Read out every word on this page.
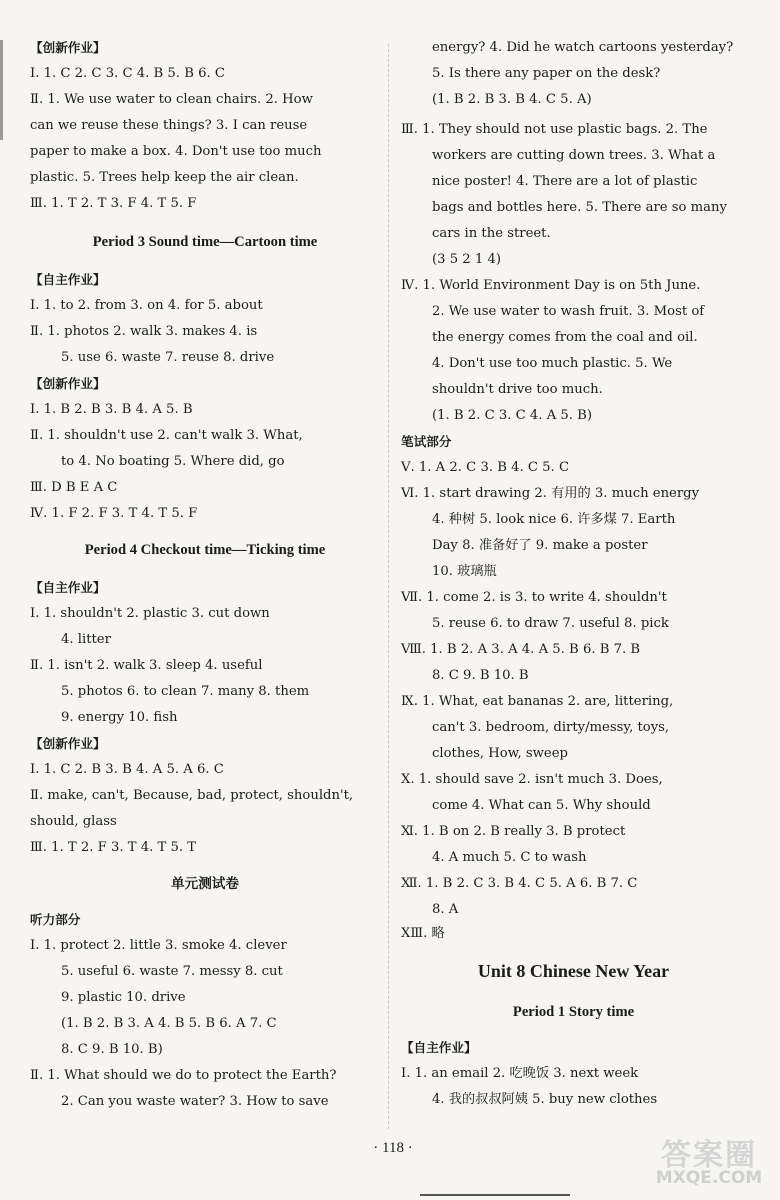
【创新作业】
Ⅰ. 1. C 2. C 3. C 4. B 5. B 6. C
Ⅱ. 1. We use water to clean chairs. 2. How
can we reuse these things? 3. I can reuse
paper to make a box. 4. Don't use too much
plastic. 5. Trees help keep the air clean.
Ⅲ. 1. T 2. T 3. F 4. T 5. F
Period 3 Sound time—Cartoon time
【自主作业】
Ⅰ. 1. to 2. from 3. on 4. for 5. about
Ⅱ. 1. photos 2. walk 3. makes 4. is
5. use 6. waste 7. reuse 8. drive
【创新作业】
Ⅰ. 1. B 2. B 3. B 4. A 5. B
Ⅱ. 1. shouldn't use 2. can't walk 3. What,
to 4. No boating 5. Where did, go
Ⅲ. D B E A C
Ⅳ. 1. F 2. F 3. T 4. T 5. F
Period 4 Checkout time—Ticking time
【自主作业】
Ⅰ. 1. shouldn't 2. plastic 3. cut down
4. litter
Ⅱ. 1. isn't 2. walk 3. sleep 4. useful
5. photos 6. to clean 7. many 8. them
9. energy 10. fish
【创新作业】
Ⅰ. 1. C 2. B 3. B 4. A 5. A 6. C
Ⅱ. make, can't, Because, bad, protect, shouldn't,
should, glass
Ⅲ. 1. T 2. F 3. T 4. T 5. T
单元测试卷
听力部分
Ⅰ. 1. protect 2. little 3. smoke 4. clever
5. useful 6. waste 7. messy 8. cut
9. plastic 10. drive
(1. B 2. B 3. A 4. B 5. B 6. A 7. C
8. C 9. B 10. B)
Ⅱ. 1. What should we do to protect the Earth?
2. Can you waste water? 3. How to save
energy? 4. Did he watch cartoons yesterday?
5. Is there any paper on the desk?
(1. B 2. B 3. B 4. C 5. A)
Ⅲ. 1. They should not use plastic bags. 2. The
workers are cutting down trees. 3. What a
nice poster! 4. There are a lot of plastic
bags and bottles here. 5. There are so many
cars in the street.
(3 5 2 1 4)
Ⅳ. 1. World Environment Day is on 5th June.
2. We use water to wash fruit. 3. Most of
the energy comes from the coal and oil.
4. Don't use too much plastic. 5. We
shouldn't drive too much.
(1. B 2. C 3. C 4. A 5. B)
笔试部分
Ⅴ. 1. A 2. C 3. B 4. C 5. C
Ⅵ. 1. start drawing 2. 有用的 3. much energy
4. 种树 5. look nice 6. 许多煤 7. Earth
Day 8. 准备好了 9. make a poster
10. 玻璃瓶
Ⅶ. 1. come 2. is 3. to write 4. shouldn't
5. reuse 6. to draw 7. useful 8. pick
Ⅷ. 1. B 2. A 3. A 4. A 5. B 6. B 7. B
8. C 9. B 10. B
Ⅸ. 1. What, eat bananas 2. are, littering,
can't 3. bedroom, dirty/messy, toys,
clothes, How, sweep
Ⅹ. 1. should save 2. isn't much 3. Does,
come 4. What can 5. Why should
Ⅺ. 1. B on 2. B really 3. B protect
4. A much 5. C to wash
Ⅻ. 1. B 2. C 3. B 4. C 5. A 6. B 7. C
8. A
XⅢ. 略
Unit 8 Chinese New Year
Period 1 Story time
【自主作业】
Ⅰ. 1. an email 2. 吃晚饭 3. next week
4. 我的叔叔阿姨 5. buy new clothes
· 118 ·	答案圈
MXQE.COM
